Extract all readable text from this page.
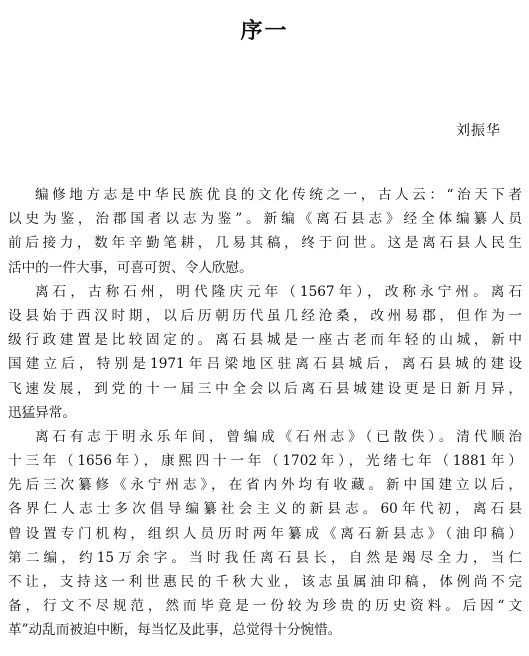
序一
刘振华
编修地方志是中华民族优良的文化传统之一，古人云：“治天下者
以史为鉴，治郡国者以志为鉴”。新编《离石县志》经全体编纂人员
前后接力，数年辛勤笔耕，几易其稿，终于问世。这是离石县人民生
活中的一件大事，可喜可贺、令人欣慰。
离石，古称石州，明代隆庆元年（1567年），改称永宁州。离石
设县始于西汉时期，以后历朝历代虽几经沧桑，改州易郡，但作为一
级行政建置是比较固定的。离石县城是一座古老而年轻的山城，新中
国建立后，特别是1971年吕梁地区驻离石县城后，离石县城的建设
飞速发展，到党的十一届三中全会以后离石县城建设更是日新月异，
迅猛异常。
离石有志于明永乐年间，曾编成《石州志》（已散佚）。清代顺治
十三年（1656年），康熙四十一年（1702年），光绪七年（1881年）
先后三次纂修《永宁州志》，在省内外均有收藏。新中国建立以后，
各界仁人志士多次倡导编纂社会主义的新县志。60年代初，离石县
曾设置专门机构，组织人员历时两年纂成《离石新县志》（油印稿）
第二编，约15万余字。当时我任离石县长，自然是竭尽全力，当仁
不让，支持这一利世惠民的千秋大业，该志虽属油印稿，体例尚不完
备，行文不尽规范，然而毕竟是一份较为珍贵的历史资料。后因“文
革”动乱而被迫中断，每当忆及此事，总觉得十分惋惜。
